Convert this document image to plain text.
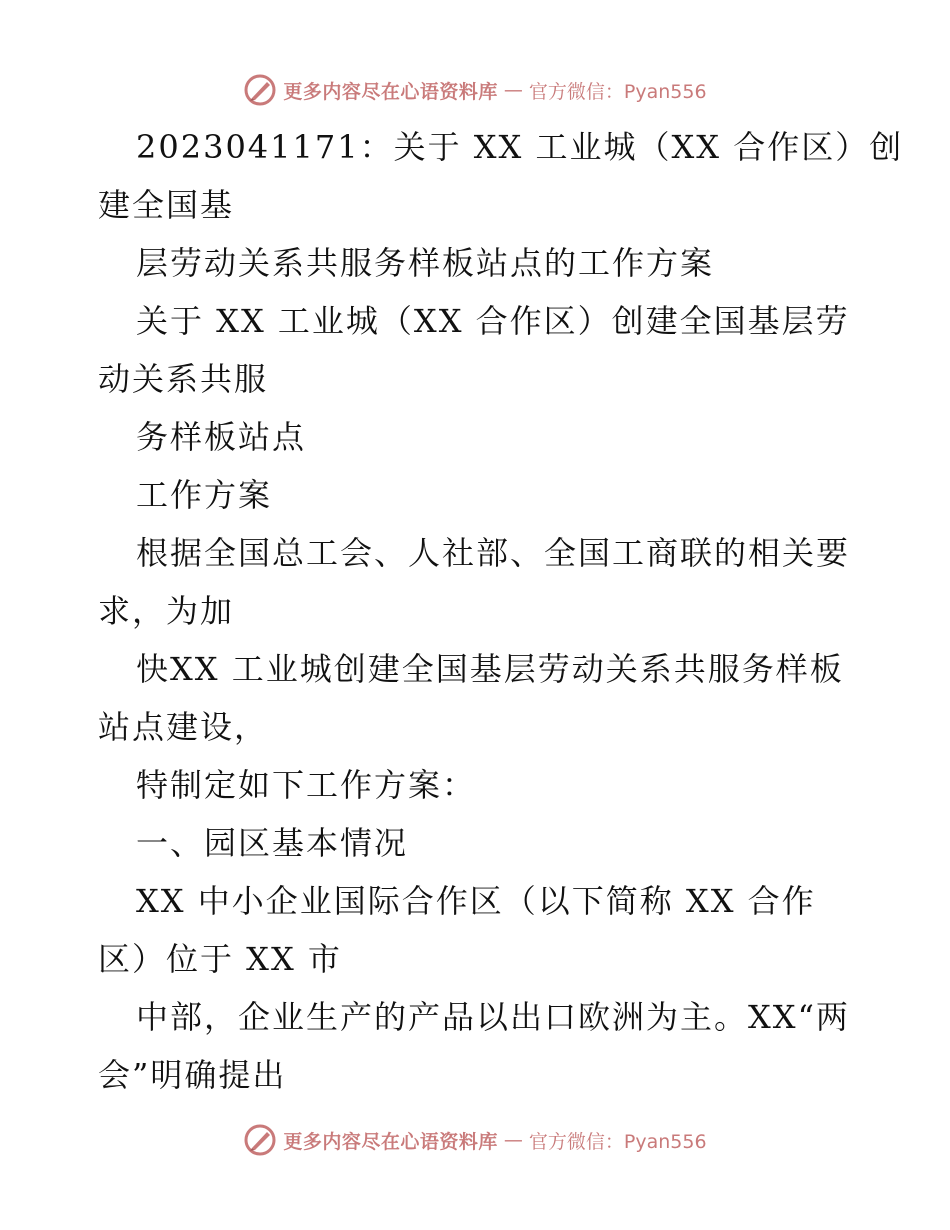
更多内容尽在心语资料库 — 官方微信：Pyan556
2023041171：关于 XX 工业城（XX 合作区）创
建全国基
层劳动关系共服务样板站点的工作方案
关于 XX 工业城（XX 合作区）创建全国基层劳
动关系共服
务样板站点
工作方案
根据全国总工会、人社部、全国工商联的相关要
求，为加
快XX 工业城创建全国基层劳动关系共服务样板
站点建设，
特制定如下工作方案：
一、园区基本情况
XX 中小企业国际合作区（以下简称 XX 合作
区）位于 XX 市
中部，企业生产的产品以出口欧洲为主。XX“两
会”明确提出
更多内容尽在心语资料库 — 官方微信：Pyan556
